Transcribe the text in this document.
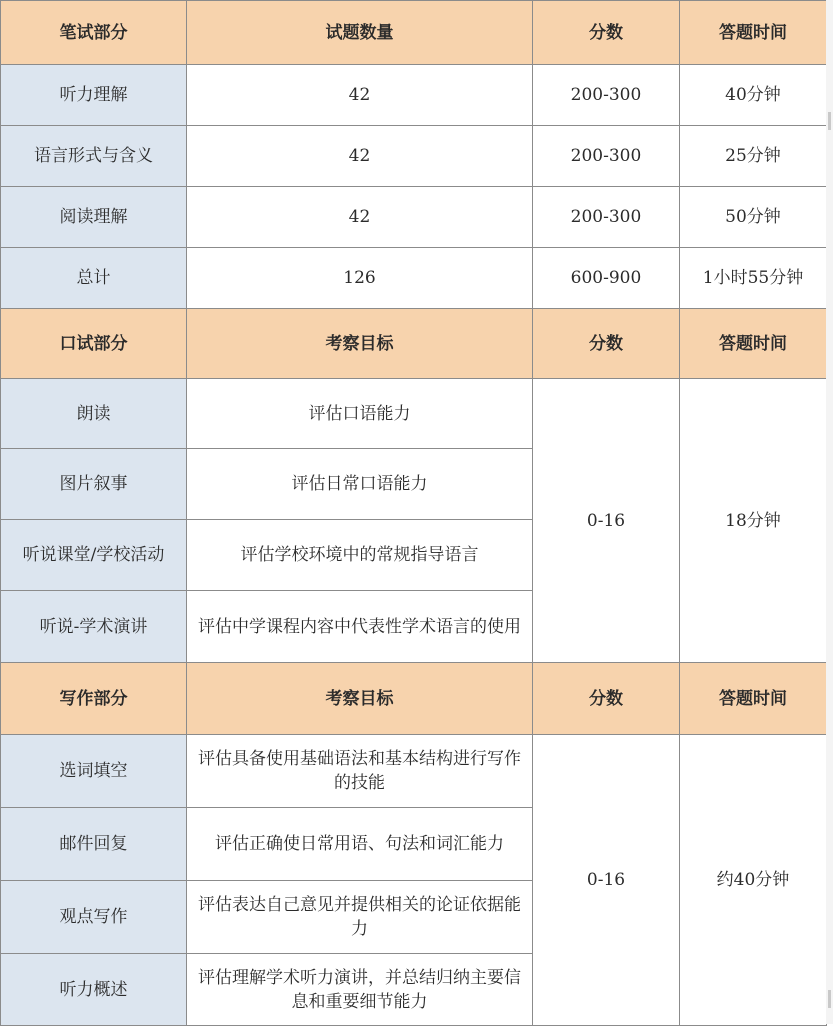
笔试部分	试题数量	分数	答题时间
听力理解	42	200-300	40分钟
语言形式与含义	42	200-300	25分钟
阅读理解	42	200-300	50分钟
总计	126	600-900	1小时55分钟
口试部分	考察目标	分数	答题时间
朗读	评估口语能力	0-16	18分钟
图片叙事	评估日常口语能力		
听说课堂/学校活动	评估学校环境中的常规指导语言		
听说-学术演讲	评估中学课程内容中代表性学术语言的使用		
写作部分	考察目标	分数	答题时间
选词填空	评估具备使用基础语法和基本结构进行写作的技能	0-16	约40分钟
邮件回复	评估正确使日常用语、句法和词汇能力		
观点写作	评估表达自己意见并提供相关的论证依据能力		
听力概述	评估理解学术听力演讲，并总结归纳主要信息和重要细节能力		
